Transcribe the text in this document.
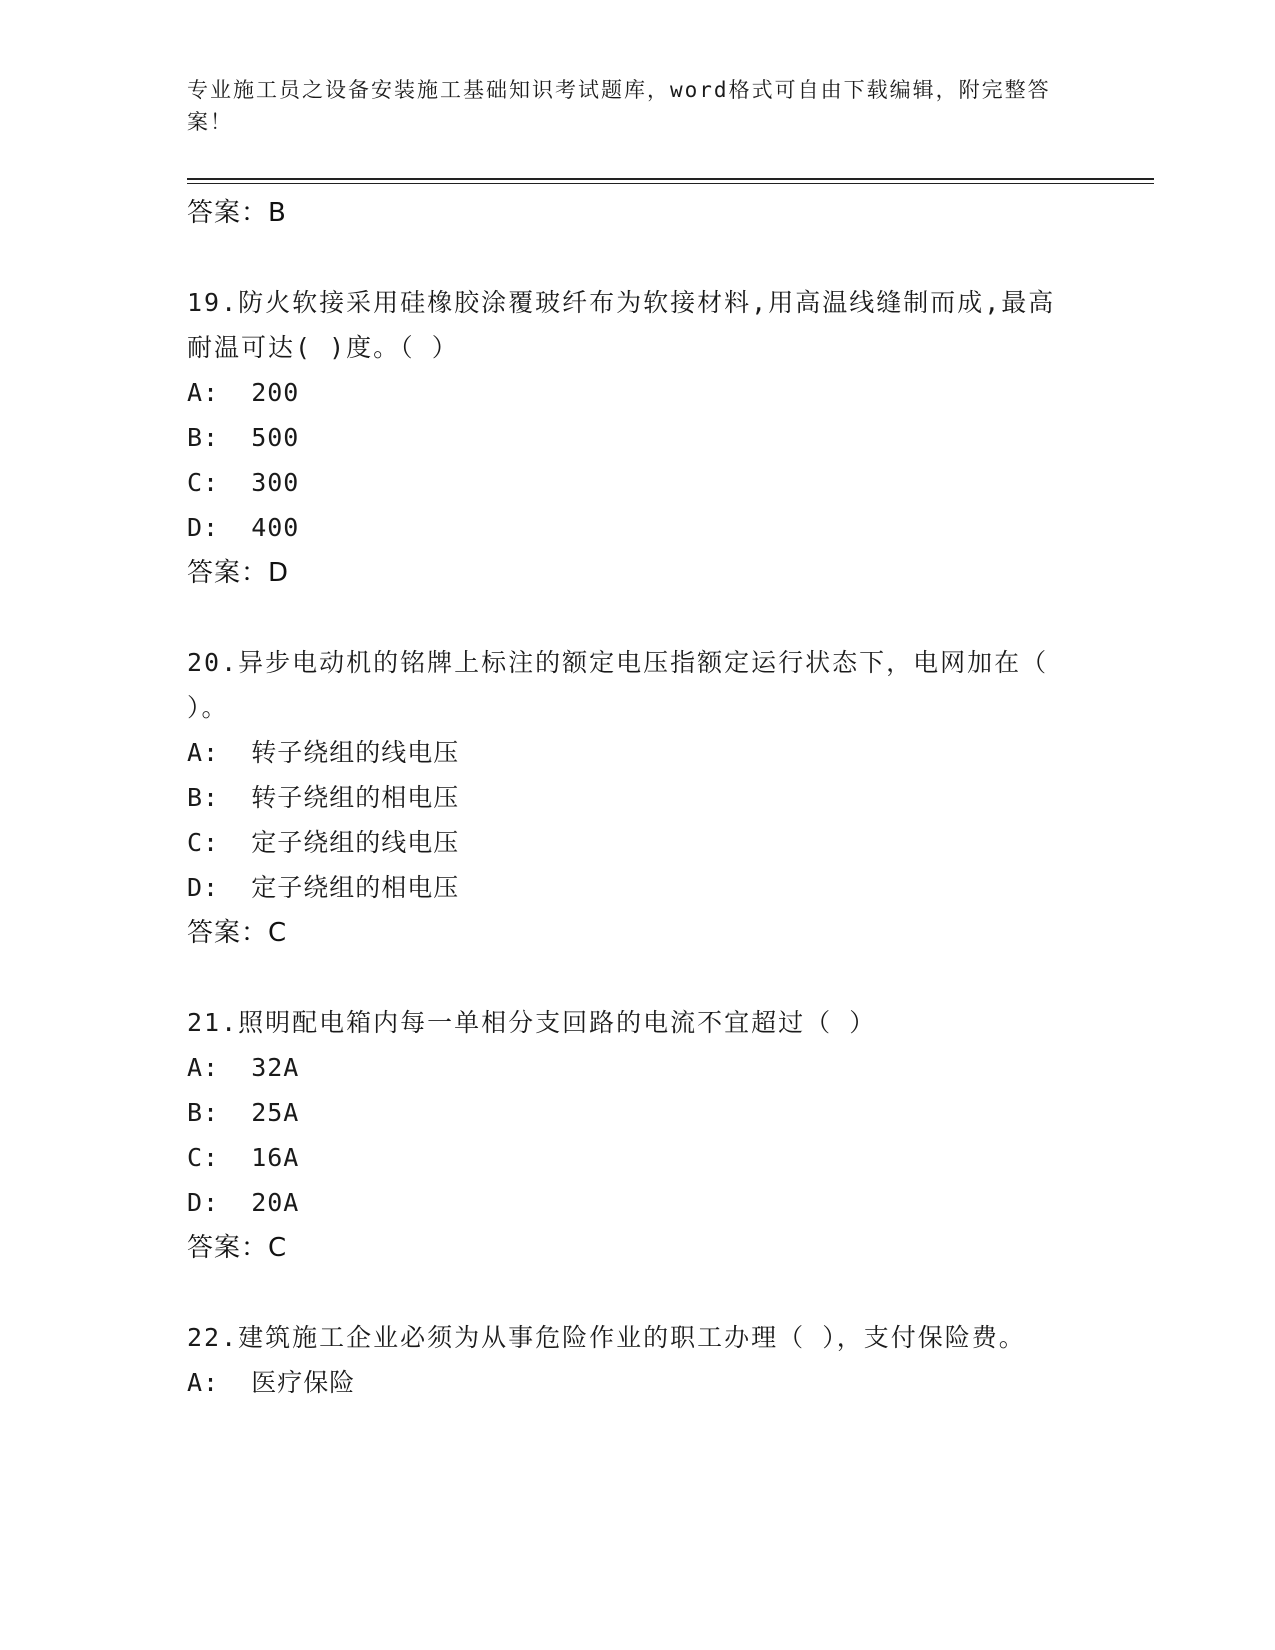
专业施工员之设备安装施工基础知识考试题库，word格式可自由下载编辑，附完整答案！
答案：B
19.防火软接采用硅橡胶涂覆玻纤布为软接材料,用高温线缝制而成,最高耐温可达( )度。（ ）
A:  200
B:  500
C:  300
D:  400
答案：D
20.异步电动机的铭牌上标注的额定电压指额定运行状态下，电网加在（ ）。
A:  转子绕组的线电压
B:  转子绕组的相电压
C:  定子绕组的线电压
D:  定子绕组的相电压
答案：C
21.照明配电箱内每一单相分支回路的电流不宜超过（ ）
A:  32A
B:  25A
C:  16A
D:  20A
答案：C
22.建筑施工企业必须为从事危险作业的职工办理（ ），支付保险费。
A:  医疗保险
